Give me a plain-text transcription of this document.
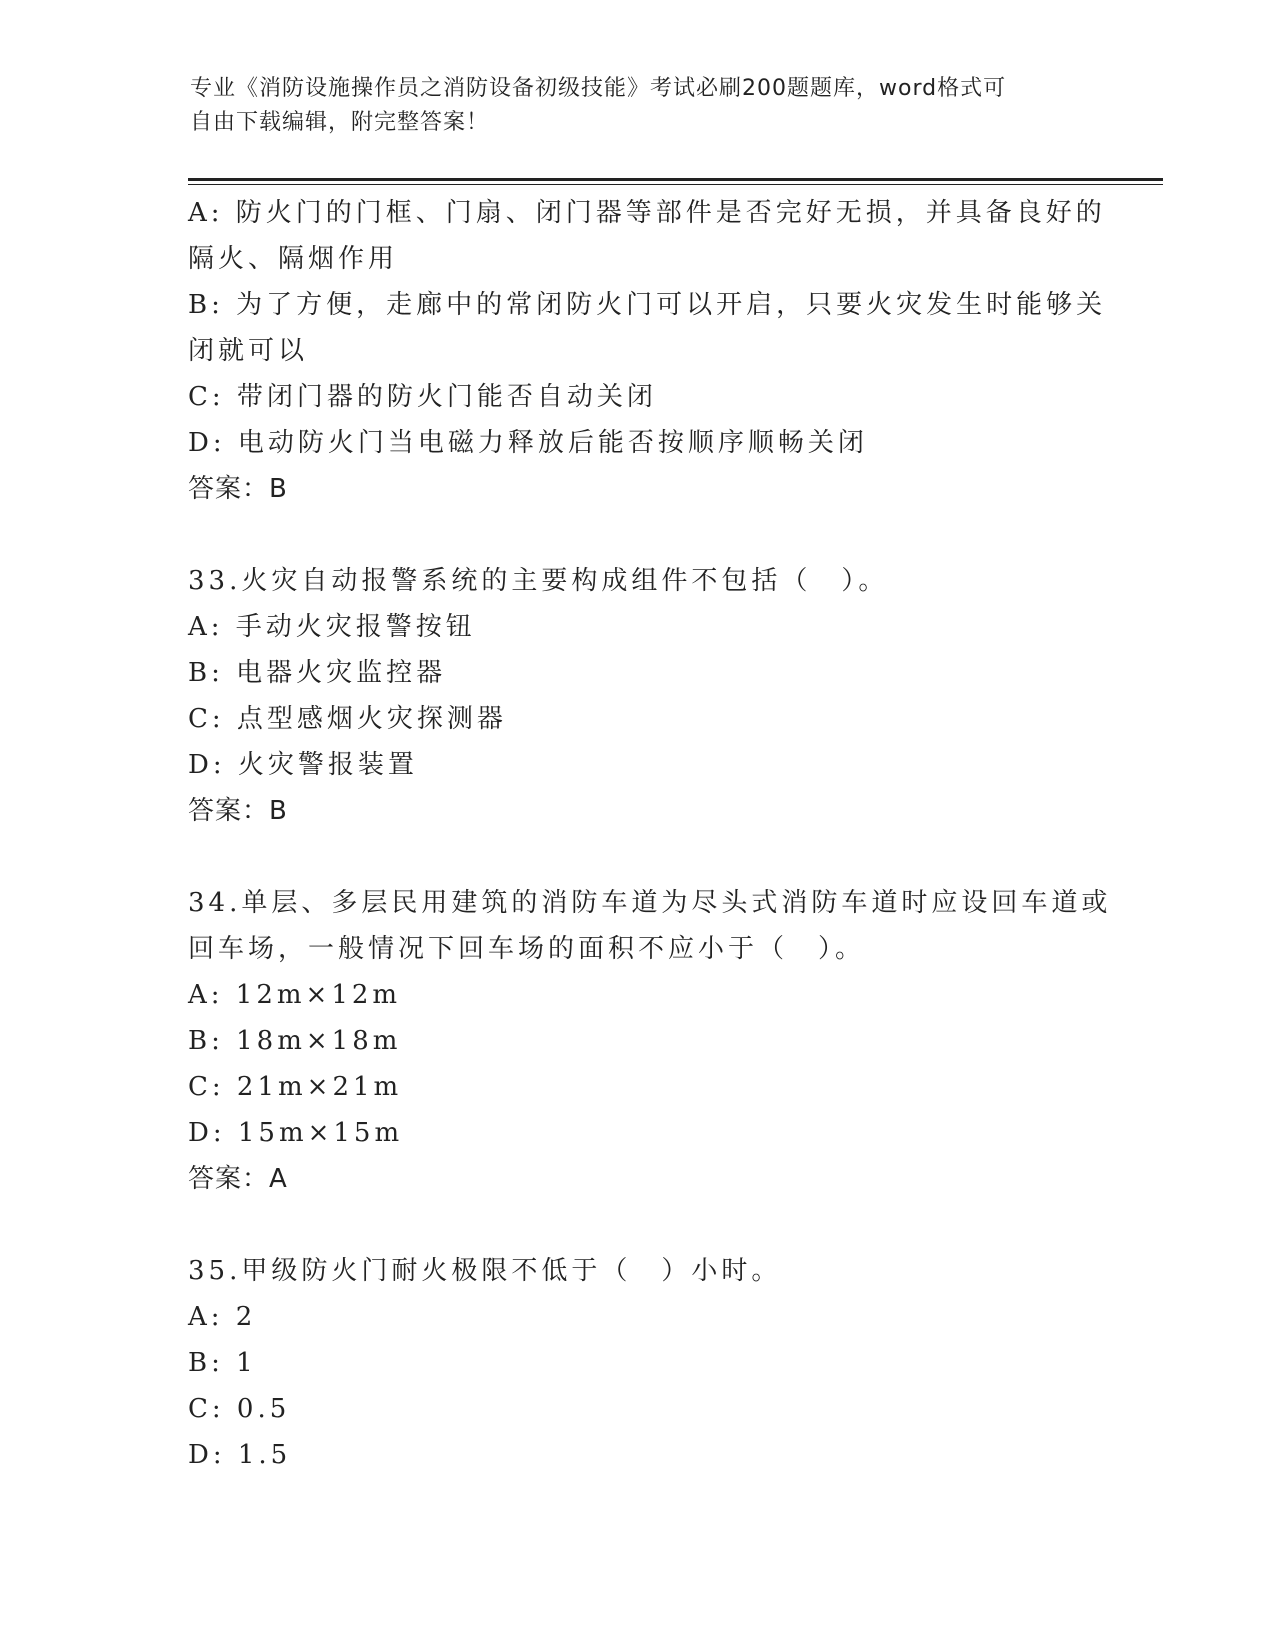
专业《消防设施操作员之消防设备初级技能》考试必刷200题题库，word格式可
自由下载编辑，附完整答案！
A: 防火门的门框、门扇、闭门器等部件是否完好无损，并具备良好的
隔火、隔烟作用
B: 为了方便，走廊中的常闭防火门可以开启，只要火灾发生时能够关
闭就可以
C: 带闭门器的防火门能否自动关闭
D: 电动防火门当电磁力释放后能否按顺序顺畅关闭
答案：B
33.火灾自动报警系统的主要构成组件不包括（　）。
A: 手动火灾报警按钮
B: 电器火灾监控器
C: 点型感烟火灾探测器
D: 火灾警报装置
答案：B
34.单层、多层民用建筑的消防车道为尽头式消防车道时应设回车道或
回车场，一般情况下回车场的面积不应小于（　）。
A: 12m×12m
B: 18m×18m
C: 21m×21m
D: 15m×15m
答案：A
35.甲级防火门耐火极限不低于（　）小时。
A: 2
B: 1
C: 0.5
D: 1.5
